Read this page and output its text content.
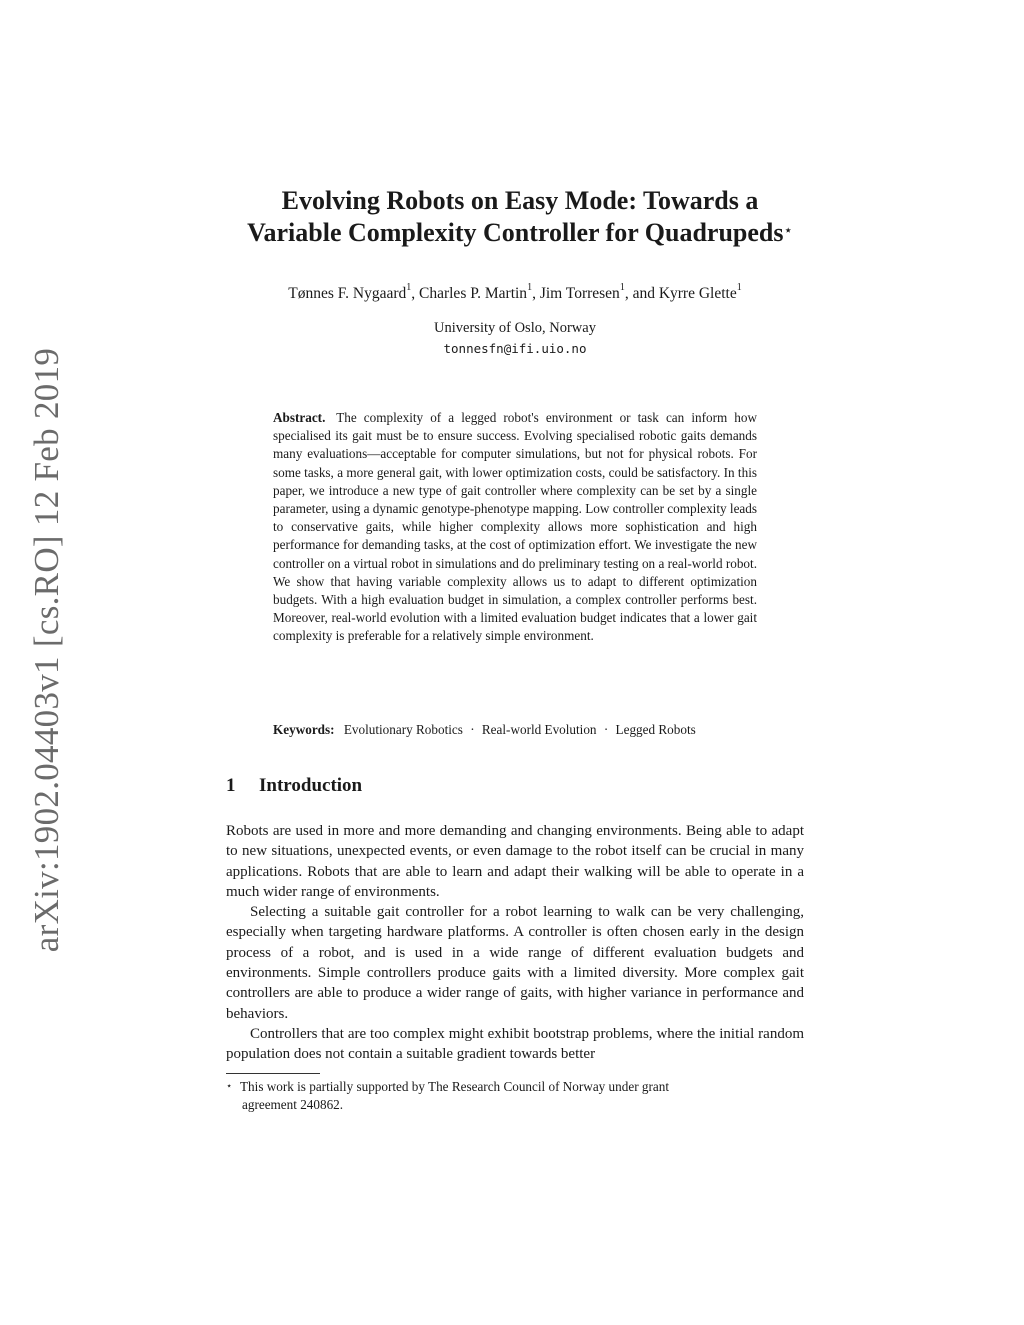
arXiv:1902.04403v1 [cs.RO] 12 Feb 2019
Evolving Robots on Easy Mode: Towards a
Variable Complexity Controller for Quadrupeds⋆
Tønnes F. Nygaard$^1$, Charles P. Martin$^1$, Jim Torresen$^1$, and Kyrre Glette$^1$
University of Oslo, Norway
tonnesfn@ifi.uio.no
Abstract. The complexity of a legged robot's environment or task can inform how specialised its gait must be to ensure success. Evolving specialised robotic gaits demands many evaluations—acceptable for computer simulations, but not for physical robots. For some tasks, a more general gait, with lower optimization costs, could be satisfactory. In this paper, we introduce a new type of gait controller where complexity can be set by a single parameter, using a dynamic genotype-phenotype mapping. Low controller complexity leads to conservative gaits, while higher complexity allows more sophistication and high performance for demanding tasks, at the cost of optimization effort. We investigate the new controller on a virtual robot in simulations and do preliminary testing on a real-world robot. We show that having variable complexity allows us to adapt to different optimization budgets. With a high evaluation budget in simulation, a complex controller performs best. Moreover, real-world evolution with a limited evaluation budget indicates that a lower gait complexity is preferable for a relatively simple environment.
Keywords: Evolutionary Robotics · Real-world Evolution · Legged Robots
1 Introduction

Robots are used in more and more demanding and changing environments. Being able to adapt to new situations, unexpected events, or even damage to the robot itself can be crucial in many applications. Robots that are able to learn and adapt their walking will be able to operate in a much wider range of environments.

Selecting a suitable gait controller for a robot learning to walk can be very challenging, especially when targeting hardware platforms. A controller is often chosen early in the design process of a robot, and is used in a wide range of different evaluation budgets and environments. Simple controllers produce gaits with a limited diversity. More complex gait controllers are able to produce a wider range of gaits, with higher variance in performance and behaviors.

Controllers that are too complex might exhibit bootstrap problems, where the initial random population does not contain a suitable gradient towards better

⋆ This work is partially supported by The Research Council of Norway under grant
agreement 240862.
